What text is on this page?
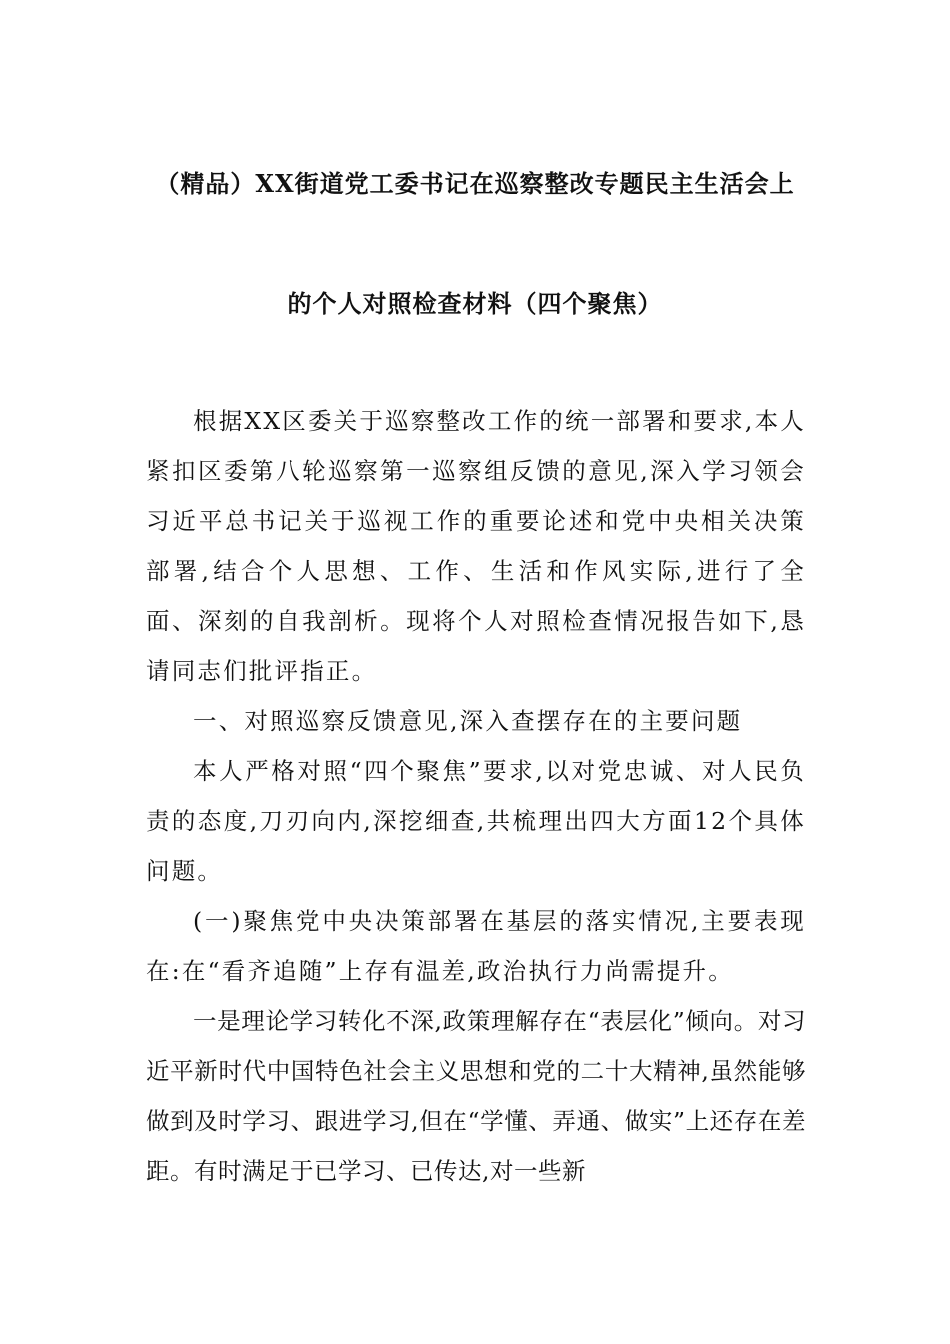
（精品）XX街道党工委书记在巡察整改专题民主生活会上
的个人对照检查材料（四个聚焦）

根据XX区委关于巡察整改工作的统一部署和要求,本人紧扣区委第八轮巡察第一巡察组反馈的意见,深入学习领会习近平总书记关于巡视工作的重要论述和党中央相关决策部署,结合个人思想、工作、生活和作风实际,进行了全面、深刻的自我剖析。现将个人对照检查情况报告如下,恳请同志们批评指正。

一、对照巡察反馈意见,深入查摆存在的主要问题

本人严格对照“四个聚焦”要求,以对党忠诚、对人民负责的态度,刀刃向内,深挖细查,共梳理出四大方面12个具体问题。

(一)聚焦党中央决策部署在基层的落实情况,主要表现在:在“看齐追随”上存有温差,政治执行力尚需提升。

一是理论学习转化不深,政策理解存在“表层化”倾向。对习近平新时代中国特色社会主义思想和党的二十大精神,虽然能够做到及时学习、跟进学习,但在“学懂、弄通、做实”上还存在差距。有时满足于已学习、已传达,对一些新
